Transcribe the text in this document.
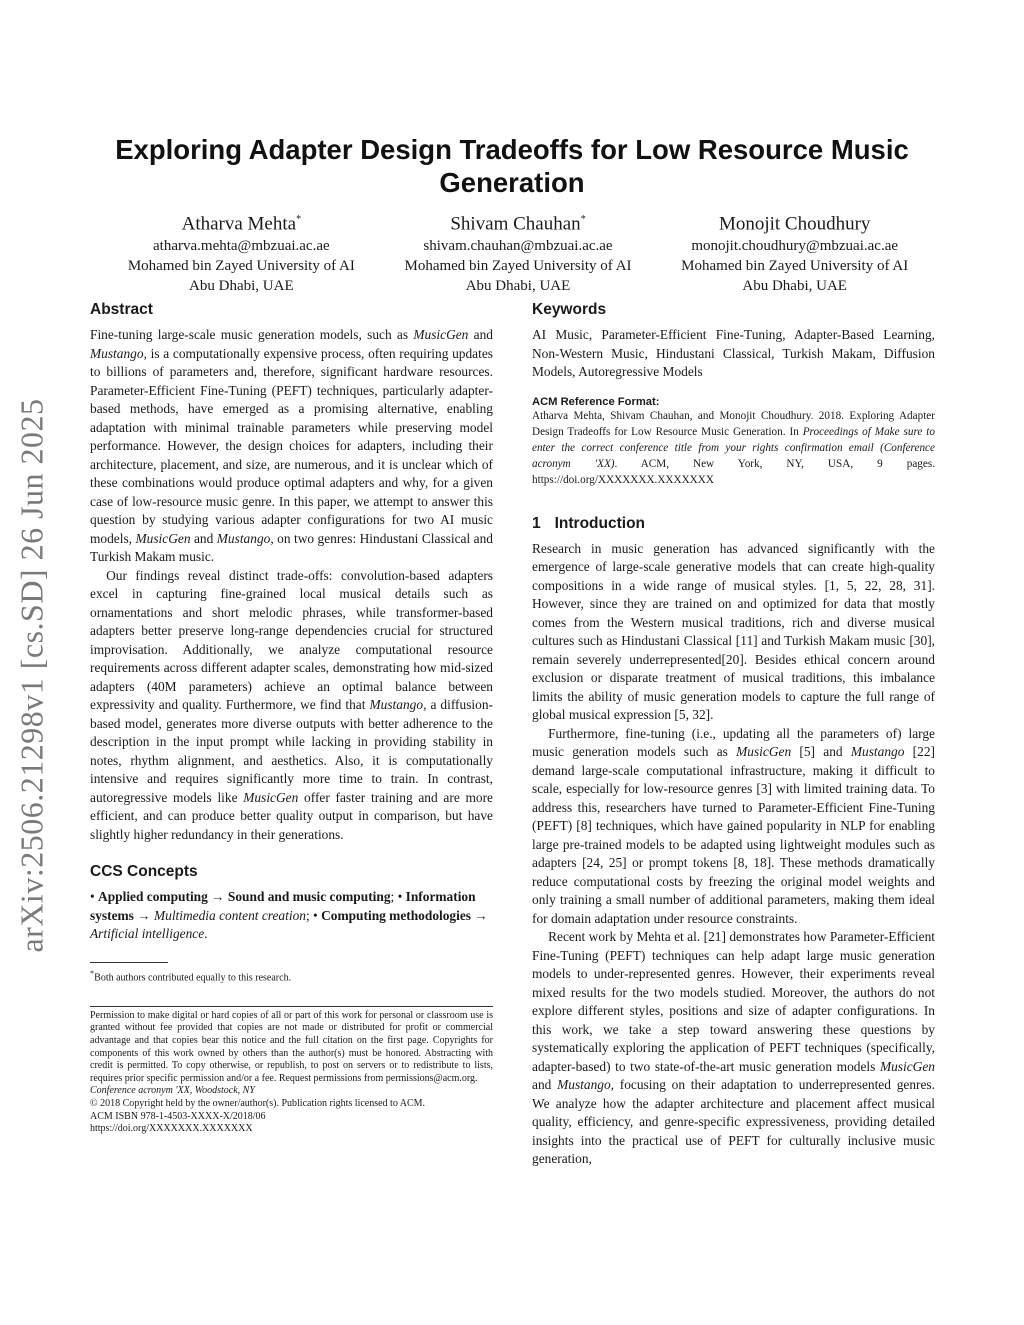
arXiv:2506.21298v1 [cs.SD] 26 Jun 2025
Exploring Adapter Design Tradeoffs for Low Resource Music Generation
Atharva Mehta*
atharva.mehta@mbzuai.ac.ae
Mohamed bin Zayed University of AI
Abu Dhabi, UAE
Shivam Chauhan*
shivam.chauhan@mbzuai.ac.ae
Mohamed bin Zayed University of AI
Abu Dhabi, UAE
Monojit Choudhury
monojit.choudhury@mbzuai.ac.ae
Mohamed bin Zayed University of AI
Abu Dhabi, UAE
Abstract

Fine-tuning large-scale music generation models, such as MusicGen and Mustango, is a computationally expensive process, often requiring updates to billions of parameters and, therefore, significant hardware resources. Parameter-Efficient Fine-Tuning (PEFT) techniques, particularly adapter-based methods, have emerged as a promising alternative, enabling adaptation with minimal trainable parameters while preserving model performance. However, the design choices for adapters, including their architecture, placement, and size, are numerous, and it is unclear which of these combinations would produce optimal adapters and why, for a given case of low-resource music genre. In this paper, we attempt to answer this question by studying various adapter configurations for two AI music models, MusicGen and Mustango, on two genres: Hindustani Classical and Turkish Makam music.

Our findings reveal distinct trade-offs: convolution-based adapters excel in capturing fine-grained local musical details such as ornamentations and short melodic phrases, while transformer-based adapters better preserve long-range dependencies crucial for structured improvisation. Additionally, we analyze computational resource requirements across different adapter scales, demonstrating how mid-sized adapters (40M parameters) achieve an optimal balance between expressivity and quality. Furthermore, we find that Mustango, a diffusion-based model, generates more diverse outputs with better adherence to the description in the input prompt while lacking in providing stability in notes, rhythm alignment, and aesthetics. Also, it is computationally intensive and requires significantly more time to train. In contrast, autoregressive models like MusicGen offer faster training and are more efficient, and can produce better quality output in comparison, but have slightly higher redundancy in their generations.

CCS Concepts
• Applied computing → Sound and music computing; • Information systems → Multimedia content creation; • Computing methodologies → Artificial intelligence.
*Both authors contributed equally to this research.
Permission to make digital or hard copies of all or part of this work for personal or classroom use is granted without fee provided that copies are not made or distributed for profit or commercial advantage and that copies bear this notice and the full citation on the first page. Copyrights for components of this work owned by others than the author(s) must be honored. Abstracting with credit is permitted. To copy otherwise, or republish, to post on servers or to redistribute to lists, requires prior specific permission and/or a fee. Request permissions from permissions@acm.org.
Conference acronym 'XX, Woodstock, NY
© 2018 Copyright held by the owner/author(s). Publication rights licensed to ACM.
ACM ISBN 978-1-4503-XXXX-X/2018/06
https://doi.org/XXXXXXX.XXXXXXX
Keywords

AI Music, Parameter-Efficient Fine-Tuning, Adapter-Based Learning, Non-Western Music, Hindustani Classical, Turkish Makam, Diffusion Models, Autoregressive Models

ACM Reference Format:
Atharva Mehta, Shivam Chauhan, and Monojit Choudhury. 2018. Exploring Adapter Design Tradeoffs for Low Resource Music Generation. In Proceedings of Make sure to enter the correct conference title from your rights confirmation email (Conference acronym 'XX). ACM, New York, NY, USA, 9 pages. https://doi.org/XXXXXXX.XXXXXXX
1 Introduction

Research in music generation has advanced significantly with the emergence of large-scale generative models that can create high-quality compositions in a wide range of musical styles. [1, 5, 22, 28, 31]. However, since they are trained on and optimized for data that mostly comes from the Western musical traditions, rich and diverse musical cultures such as Hindustani Classical [11] and Turkish Makam music [30], remain severely underrepresented[20]. Besides ethical concern around exclusion or disparate treatment of musical traditions, this imbalance limits the ability of music generation models to capture the full range of global musical expression [5, 32].

Furthermore, fine-tuning (i.e., updating all the parameters of) large music generation models such as MusicGen [5] and Mustango [22] demand large-scale computational infrastructure, making it difficult to scale, especially for low-resource genres [3] with limited training data. To address this, researchers have turned to Parameter-Efficient Fine-Tuning (PEFT) [8] techniques, which have gained popularity in NLP for enabling large pre-trained models to be adapted using lightweight modules such as adapters [24, 25] or prompt tokens [8, 18]. These methods dramatically reduce computational costs by freezing the original model weights and only training a small number of additional parameters, making them ideal for domain adaptation under resource constraints.

Recent work by Mehta et al. [21] demonstrates how Parameter-Efficient Fine-Tuning (PEFT) techniques can help adapt large music generation models to under-represented genres. However, their experiments reveal mixed results for the two models studied. Moreover, the authors do not explore different styles, positions and size of adapter configurations. In this work, we take a step toward answering these questions by systematically exploring the application of PEFT techniques (specifically, adapter-based) to two state-of-the-art music generation models MusicGen and Mustango, focusing on their adaptation to underrepresented genres. We analyze how the adapter architecture and placement affect musical quality, efficiency, and genre-specific expressiveness, providing detailed insights into the practical use of PEFT for culturally inclusive music generation,
